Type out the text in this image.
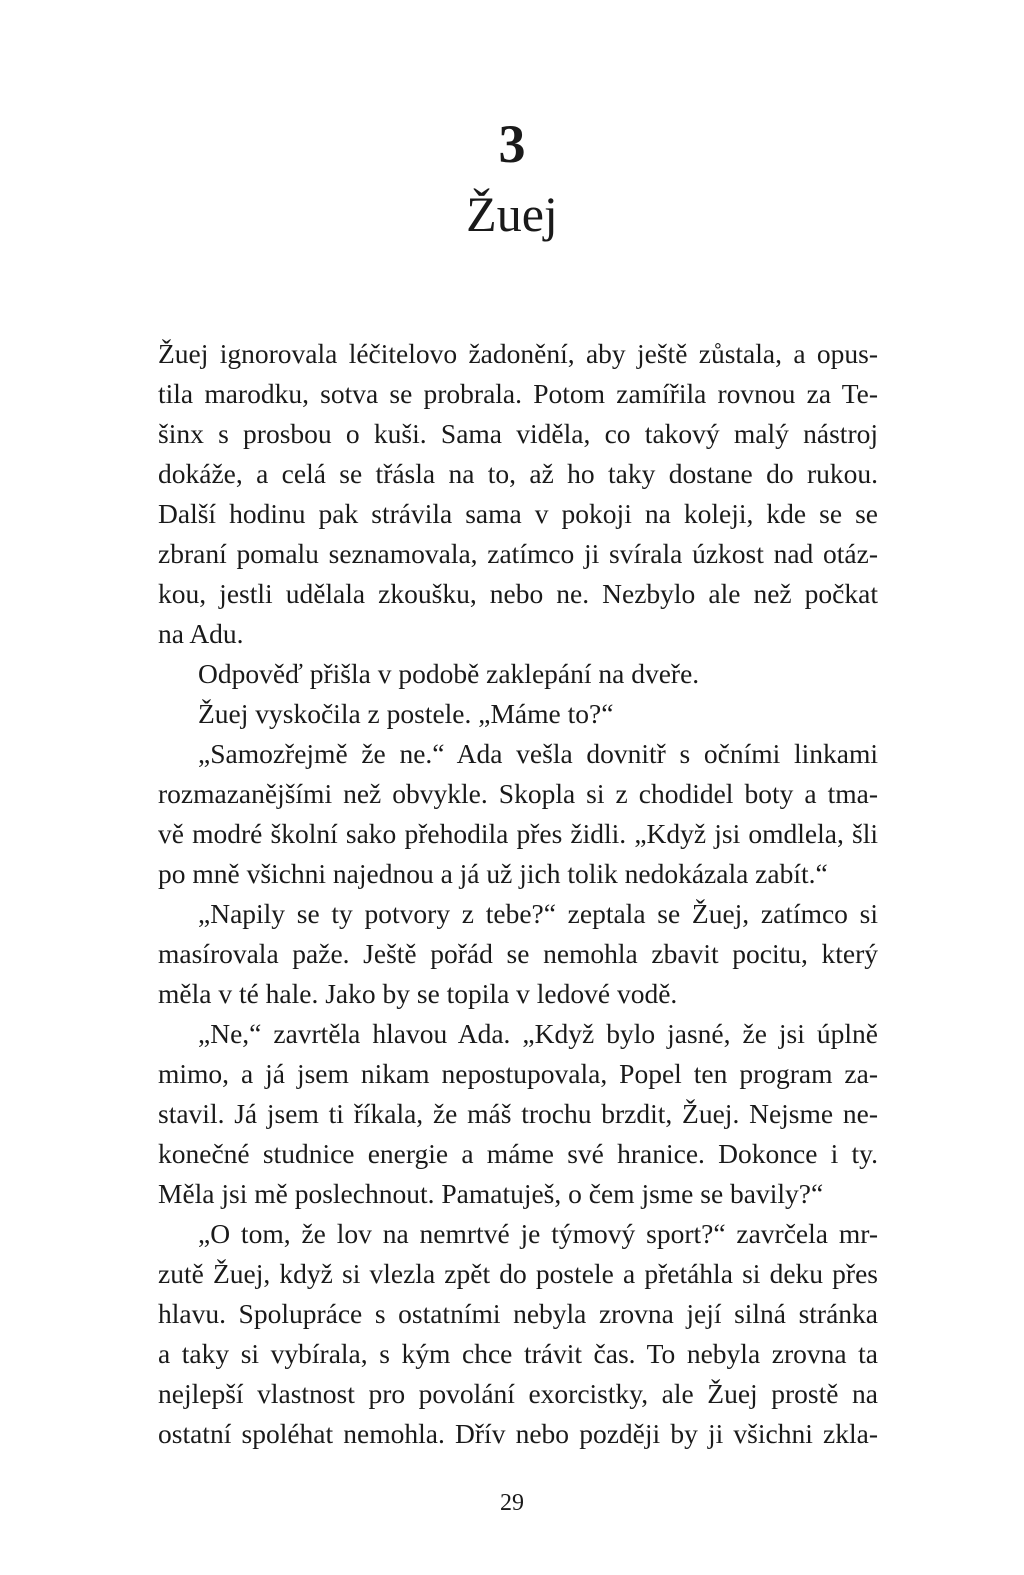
3
Žuej
Žuej ignorovala léčitelovo žadonění, aby ještě zůstala, a opus-
tila marodku, sotva se probrala. Potom zamířila rovnou za Te-
šinx s prosbou o kuši. Sama viděla, co takový malý nástroj
dokáže, a celá se třásla na to, až ho taky dostane do rukou.
Další hodinu pak strávila sama v pokoji na koleji, kde se se
zbraní pomalu seznamovala, zatímco ji svírala úzkost nad otáz-
kou, jestli udělala zkoušku, nebo ne. Nezbylo ale než počkat
na Adu.
Odpověď přišla v podobě zaklepání na dveře.
Žuej vyskočila z postele. „Máme to?“
„Samozřejmě že ne.“ Ada vešla dovnitř s očními linkami
rozmazanějšími než obvykle. Skopla si z chodidel boty a tma-
vě modré školní sako přehodila přes židli. „Když jsi omdlela, šli
po mně všichni najednou a já už jich tolik nedokázala zabít.“
„Napily se ty potvory z tebe?“ zeptala se Žuej, zatímco si
masírovala paže. Ještě pořád se nemohla zbavit pocitu, který
měla v té hale. Jako by se topila v ledové vodě.
„Ne,“ zavrtěla hlavou Ada. „Když bylo jasné, že jsi úplně
mimo, a já jsem nikam nepostupovala, Popel ten program za-
stavil. Já jsem ti říkala, že máš trochu brzdit, Žuej. Nejsme ne-
konečné studnice energie a máme své hranice. Dokonce i ty.
Měla jsi mě poslechnout. Pamatuješ, o čem jsme se bavily?“
„O tom, že lov na nemrtvé je týmový sport?“ zavrčela mr-
zutě Žuej, když si vlezla zpět do postele a přetáhla si deku přes
hlavu. Spolupráce s ostatními nebyla zrovna její silná stránka
a taky si vybírala, s kým chce trávit čas. To nebyla zrovna ta
nejlepší vlastnost pro povolání exorcistky, ale Žuej prostě na
ostatní spoléhat nemohla. Dřív nebo později by ji všichni zkla-
29
